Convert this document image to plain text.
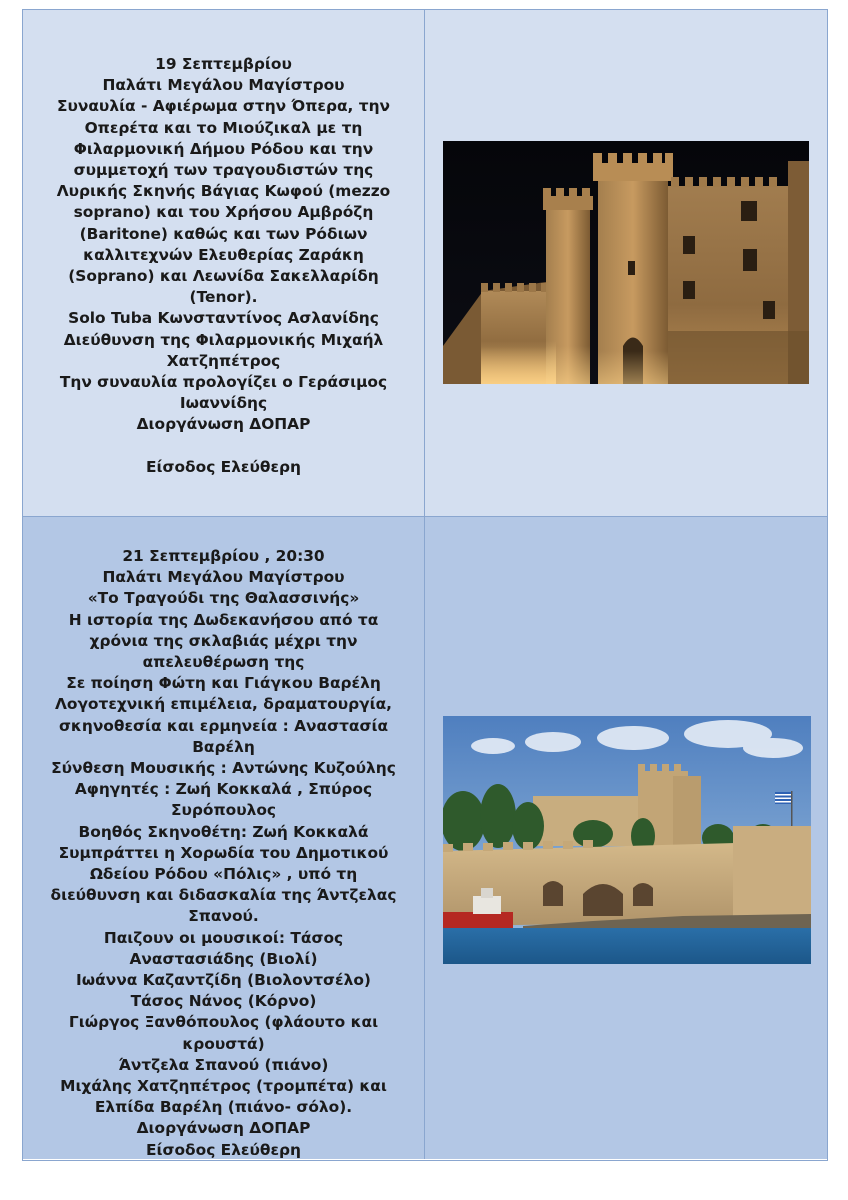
19 Σεπτεμβρίου
Παλάτι Μεγάλου Μαγίστρου
Συναυλία - Αφιέρωμα στην Όπερα, την
Οπερέτα και το Μιούζικαλ με τη
Φιλαρμονική Δήμου Ρόδου και την
συμμετοχή των τραγουδιστών της
Λυρικής Σκηνής Βάγιας Κωφού (mezzo
soprano) και του Χρήσου Αμβρόζη
(Baritone) καθώς και των Ρόδιων
καλλιτεχνών Ελευθερίας Ζαράκη
(Soprano) και Λεωνίδα Σακελλαρίδη
(Tenor).
Solo Tuba Κωνσταντίνος Ασλανίδης
Διεύθυνση της Φιλαρμονικής Μιχαήλ
Χατζηπέτρος
Την συναυλία προλογίζει ο Γεράσιμος
Ιωαννίδης
Διοργάνωση ΔΟΠΑΡ
Είσοδος Ελεύθερη
21 Σεπτεμβρίου , 20:30
Παλάτι Μεγάλου Μαγίστρου
«Το Τραγούδι της Θαλασσινής»
Η ιστορία της Δωδεκανήσου από τα
χρόνια της σκλαβιάς μέχρι την
απελευθέρωση της
Σε ποίηση Φώτη και Γιάγκου Βαρέλη
Λογοτεχνική επιμέλεια, δραματουργία,
σκηνοθεσία και ερμηνεία : Αναστασία
Βαρέλη
Σύνθεση Μουσικής : Αντώνης Κυζούλης
Αφηγητές : Ζωή Κοκκαλά , Σπύρος
Συρόπουλος
Βοηθός Σκηνοθέτη: Ζωή Κοκκαλά
Συμπράττει η Χορωδία του Δημοτικού
Ωδείου Ρόδου «Πόλις» , υπό τη
διεύθυνση και διδασκαλία της Άντζελας
Σπανού.
Παιζουν οι μουσικοί: Τάσος
Αναστασιάδης (Βιολί)
Ιωάννα Καζαντζίδη (Βιολοντσέλο)
Τάσος Νάνος (Κόρνο)
Γιώργος Ξανθόπουλος (φλάουτο και
κρουστά)
Άντζελα Σπανού (πιάνο)
Μιχάλης Χατζηπέτρος (τρομπέτα) και
Ελπίδα Βαρέλη (πιάνο- σόλο).
Διοργάνωση ΔΟΠΑΡ
Είσοδος Ελεύθερη
